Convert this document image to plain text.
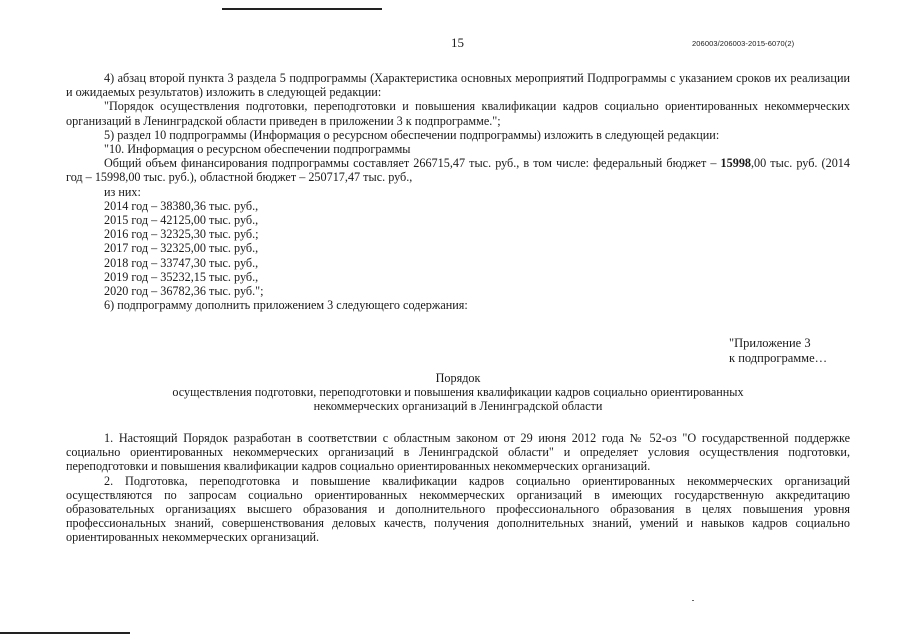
15	206003/206003-2015-6070(2)

4) абзац второй пункта 3 раздела 5 подпрограммы (Характеристика основных мероприятий Подпрограммы с указанием сроков их реализации и ожидаемых результатов) изложить в следующей редакции:

"Порядок осуществления подготовки, переподготовки и повышения квалификации кадров социально ориентированных некоммерческих организаций в Ленинградской области приведен в приложении 3 к подпрограмме.";

5) раздел 10 подпрограммы (Информация о ресурсном обеспечении подпрограммы) изложить в следующей редакции:

"10. Информация о ресурсном обеспечении подпрограммы

Общий объем финансирования подпрограммы составляет 266715,47 тыс. руб., в том числе: федеральный бюджет – 15998,00 тыс. руб. (2014 год – 15998,00 тыс. руб.), областной бюджет – 250717,47 тыс. руб.,

из них:

2014 год – 38380,36 тыс. руб.,

2015 год – 42125,00 тыс. руб.,

2016 год – 32325,30 тыс. руб.;

2017 год – 32325,00 тыс. руб.,

2018 год – 33747,30 тыс. руб.,

2019 год – 35232,15 тыс. руб.,

2020 год – 36782,36 тыс. руб.";

6) подпрограмму дополнить приложением 3 следующего содержания:

"Приложение 3
к подпрограмме…

Порядок

осуществления подготовки, переподготовки и повышения квалификации кадров социально ориентированных

некоммерческих организаций в Ленинградской области

1. Настоящий Порядок разработан в соответствии с областным законом от 29 июня 2012 года № 52-оз "О государственной поддержке социально ориентированных некоммерческих организаций в Ленинградской области" и определяет условия осуществления подготовки, переподготовки и повышения квалификации кадров социально ориентированных некоммерческих организаций.

2. Подготовка, переподготовка и повышение квалификации кадров социально ориентированных некоммерческих организаций осуществляются по запросам социально ориентированных некоммерческих организаций в имеющих государственную аккредитацию образовательных организациях высшего образования и дополнительного профессионального образования в целях повышения уровня профессиональных знаний, совершенствования деловых качеств, получения дополнительных знаний, умений и навыков кадров социально ориентированных некоммерческих организаций.
